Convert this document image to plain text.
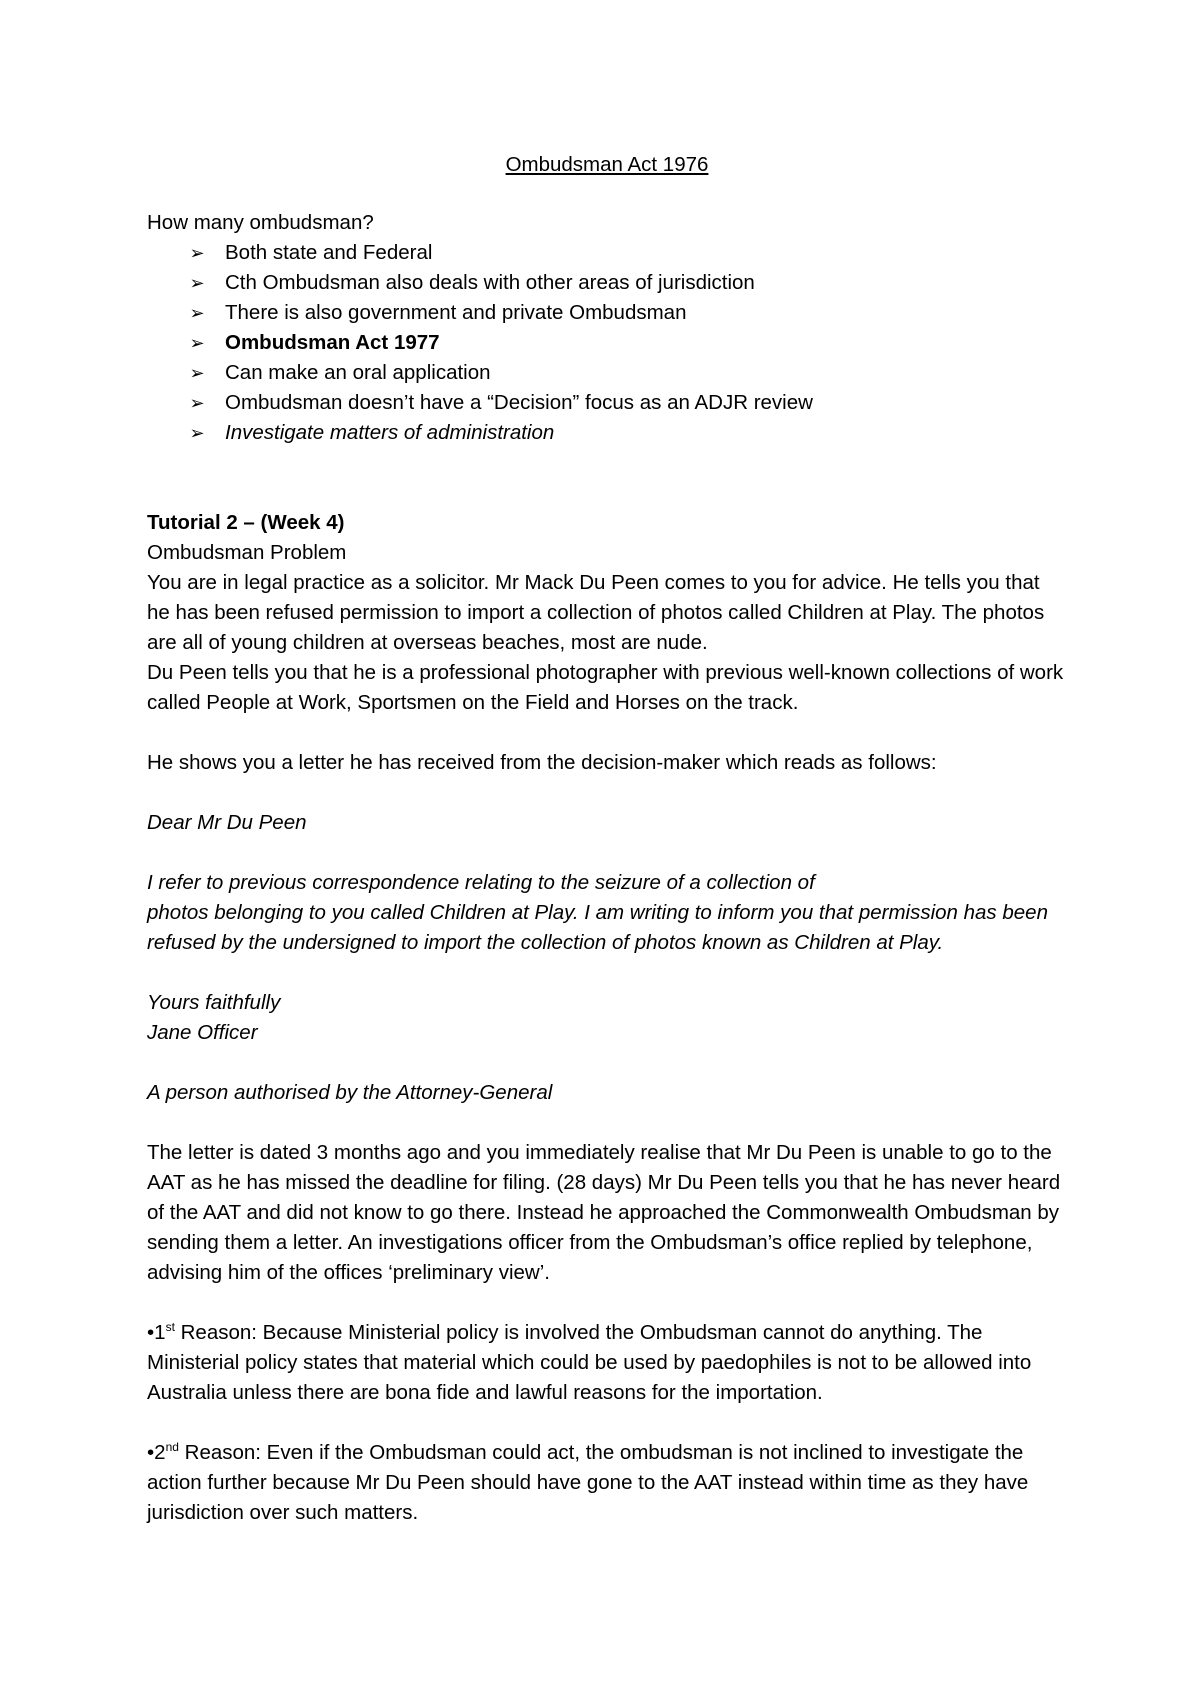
Ombudsman Act 1976

How many ombudsman?

➢ Both state and Federal
➢ Cth Ombudsman also deals with other areas of jurisdiction
➢ There is also government and private Ombudsman
➢ Ombudsman Act 1977
➢ Can make an oral application
➢ Ombudsman doesn’t have a “Decision” focus as an ADJR review
➢ Investigate matters of administration

Tutorial 2 – (Week 4)

Ombudsman Problem

You are in legal practice as a solicitor. Mr Mack Du Peen comes to you for advice. He tells you that he has been refused permission to import a collection of photos called Children at Play. The photos are all of young children at overseas beaches, most are nude.

Du Peen tells you that he is a professional photographer with previous well-known collections of work called People at Work, Sportsmen on the Field and Horses on the track.

He shows you a letter he has received from the decision-maker which reads as follows:

Dear Mr Du Peen

I refer to previous correspondence relating to the seizure of a collection of

photos belonging to you called Children at Play. I am writing to inform you that permission has been refused by the undersigned to import the collection of photos known as Children at Play.

Yours faithfully

Jane Officer

A person authorised by the Attorney-General

The letter is dated 3 months ago and you immediately realise that Mr Du Peen is unable to go to the AAT as he has missed the deadline for filing. (28 days) Mr Du Peen tells you that he has never heard of the AAT and did not know to go there. Instead he approached the Commonwealth Ombudsman by sending them a letter. An investigations officer from the Ombudsman’s office replied by telephone, advising him of the offices ‘preliminary view’.

•1st Reason: Because Ministerial policy is involved the Ombudsman cannot do anything. The Ministerial policy states that material which could be used by paedophiles is not to be allowed into Australia unless there are bona fide and lawful reasons for the importation.

•2nd Reason: Even if the Ombudsman could act, the ombudsman is not inclined to investigate the action further because Mr Du Peen should have gone to the AAT instead within time as they have jurisdiction over such matters.
